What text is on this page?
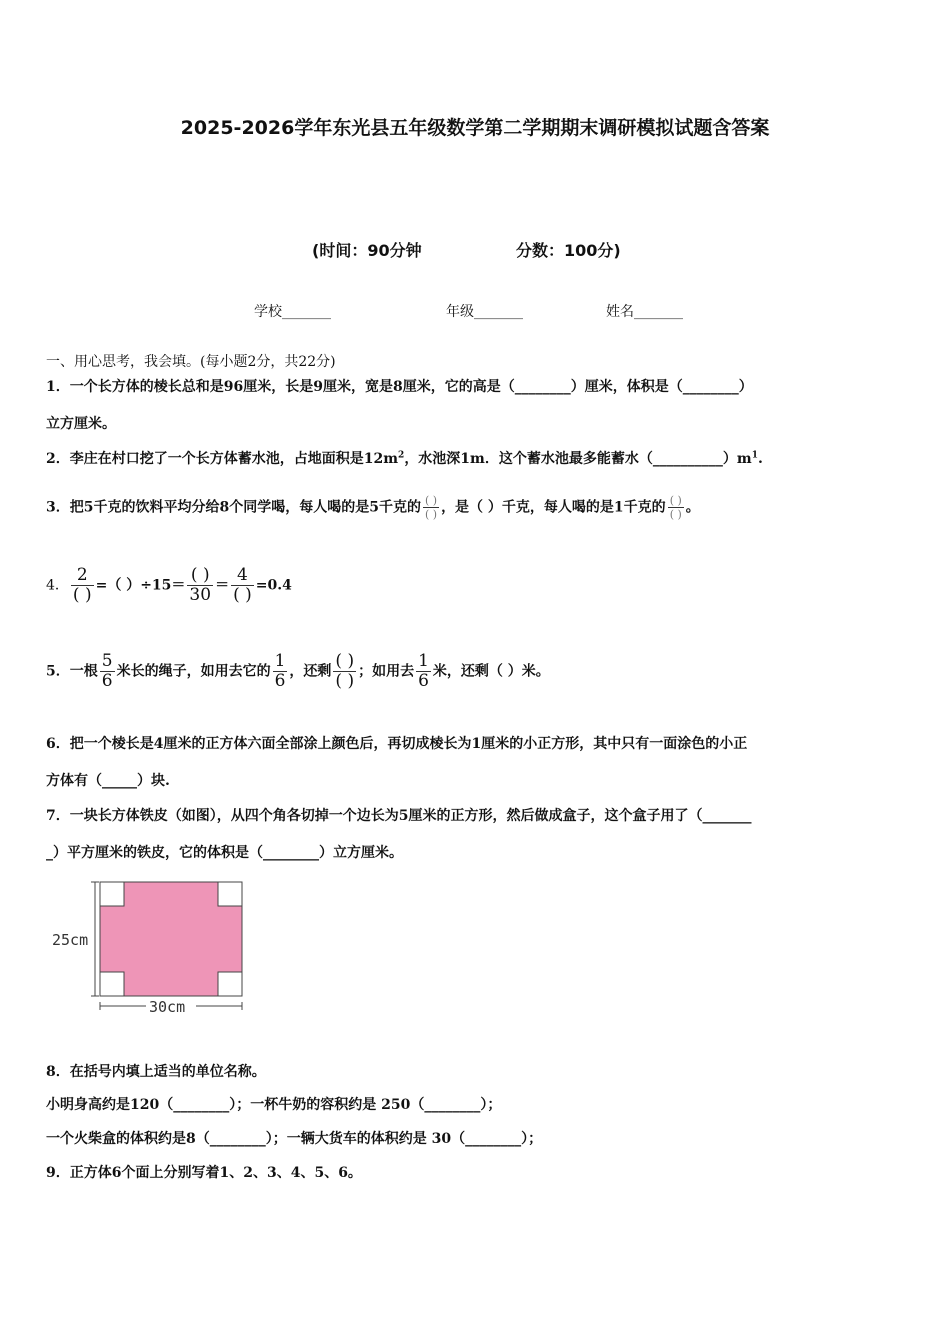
2025-2026学年东光县五年级数学第二学期期末调研模拟试题含答案
(时间：90分钟	分数：100分)
学校_______	年级_______	姓名_______
一、用心思考，我会填。(每小题2分，共22分)
1．一个长方体的棱长总和是96厘米，长是9厘米，宽是8厘米，它的高是（________）厘米，体积是（________）
立方厘米。
2．李庄在村口挖了一个长方体蓄水池，占地面积是$12m^2$，水池深1m．这个蓄水池最多能蓄水$(\_\_\_\_\_\_\_\_\_\_)m^1$.
3．把5千克的饮料平均分给8个同学喝，每人喝的是5千克的 $\frac{( )}{( )}$ ，是（ ）千克，每人喝的是1千克的 $\frac{( )}{( )}$ 。
4． $\frac{2}{( )}$ =（ ）$\div 15= \frac{( )}{30} = \frac{4}{( )} =0.4$
5．一根 $\frac{5}{6}$ 米长的绳子，如用去它的 $\frac{1}{6}$ ，还剩 $\frac{( )}{( )}$ ；如用去 $\frac{1}{6}$ 米，还剩（ ）米。
6．把一个棱长是4厘米的正方体六面全部涂上颜色后，再切成棱长为1厘米的小正方形，其中只有一面涂色的小正
方体有（_____）块.
7．一块长方体铁皮（如图），从四个角各切掉一个边长为5厘米的正方形，然后做成盒子，这个盒子用了（_______
_）平方厘米的铁皮，它的体积是（________）立方厘米。
25cm
30cm
8．在括号内填上适当的单位名称。
小明身高约是120（________）；一杯牛奶的容积约是 250（________）；
一个火柴盒的体积约是8（________）；一辆大货车的体积约是 30（________）；
9．正方体6个面上分别写着1、2、3、4、5、6。
